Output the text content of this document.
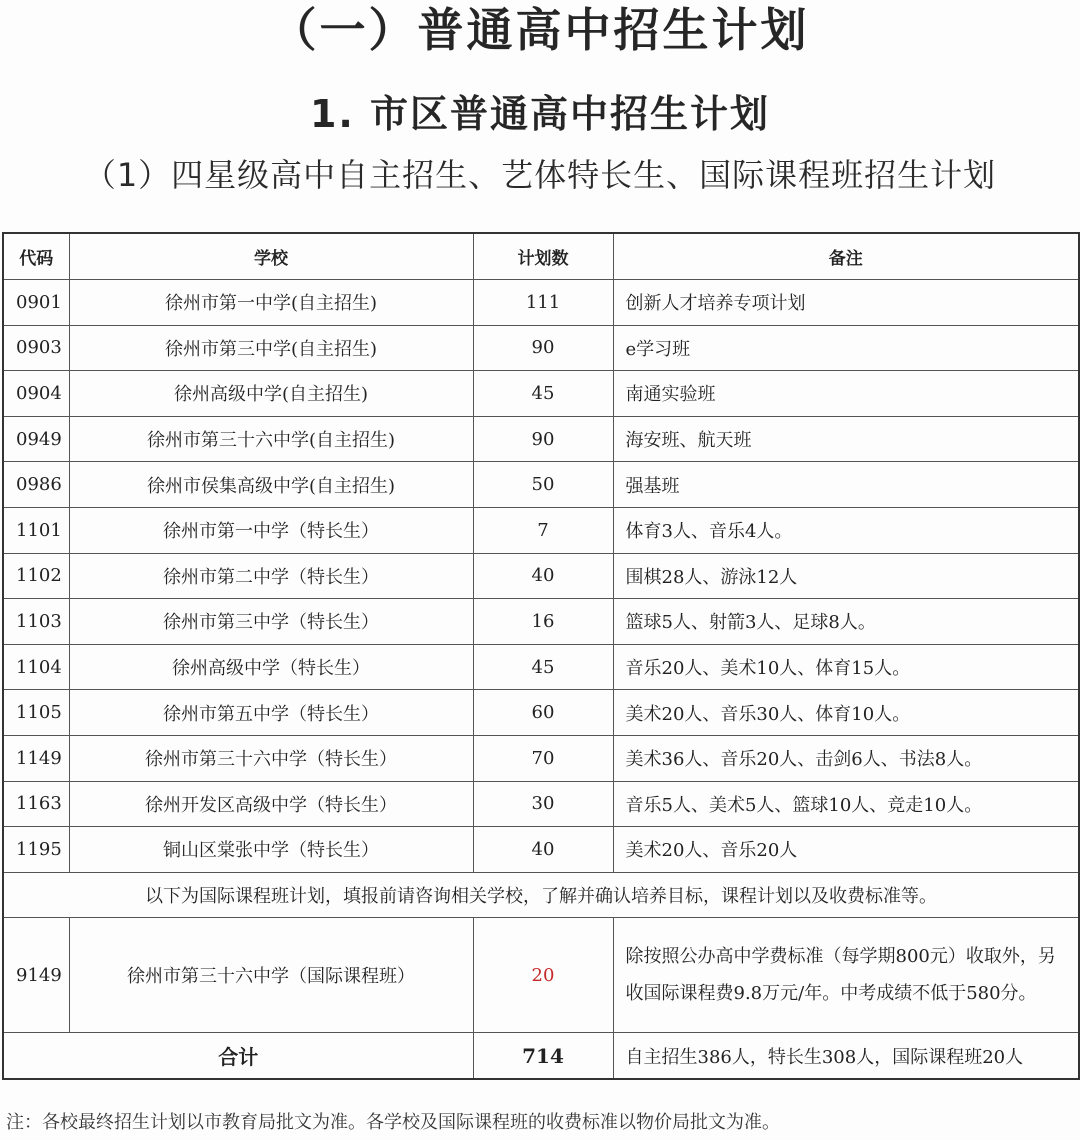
（一）普通高中招生计划
1. 市区普通高中招生计划
（1）四星级高中自主招生、艺体特长生、国际课程班招生计划
代码	学校	计划数	备注
0901	徐州市第一中学(自主招生)	111	创新人才培养专项计划
0903	徐州市第三中学(自主招生)	90	e学习班
0904	徐州高级中学(自主招生)	45	南通实验班
0949	徐州市第三十六中学(自主招生)	90	海安班、航天班
0986	徐州市侯集高级中学(自主招生)	50	强基班
1101	徐州市第一中学（特长生）	7	体育3人、音乐4人。
1102	徐州市第二中学（特长生）	40	围棋28人、游泳12人
1103	徐州市第三中学（特长生）	16	篮球5人、射箭3人、足球8人。
1104	徐州高级中学（特长生）	45	音乐20人、美术10人、体育15人。
1105	徐州市第五中学（特长生）	60	美术20人、音乐30人、体育10人。
1149	徐州市第三十六中学（特长生）	70	美术36人、音乐20人、击剑6人、书法8人。
1163	徐州开发区高级中学（特长生）	30	音乐5人、美术5人、篮球10人、竞走10人。
1195	铜山区棠张中学（特长生）	40	美术20人、音乐20人
以下为国际课程班计划，填报前请咨询相关学校，了解并确认培养目标，课程计划以及收费标准等。			
9149	徐州市第三十六中学（国际课程班）	20	除按照公办高中学费标准（每学期800元）收取外，另收国际课程费9.8万元/年。中考成绩不低于580分。
合计		714	自主招生386人，特长生308人，国际课程班20人
注：各校最终招生计划以市教育局批文为准。各学校及国际课程班的收费标准以物价局批文为准。
